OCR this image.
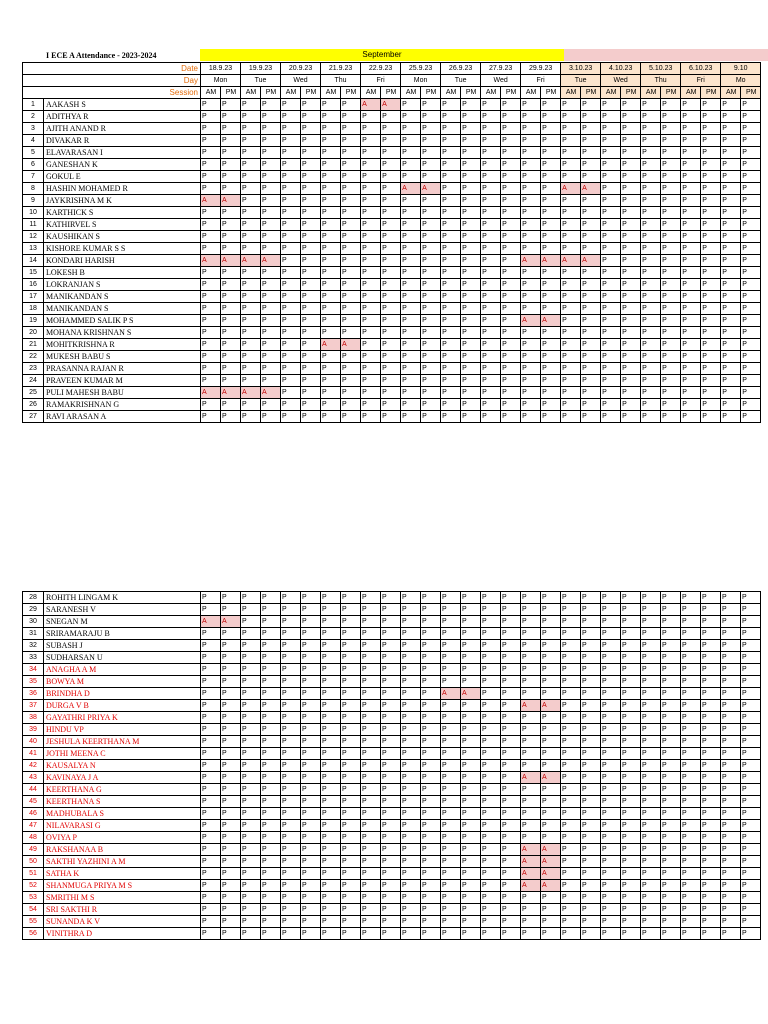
I ECE A Attendance - 2023-2024	September
Date		18.9.23		19.9.23		20.9.23		21.9.23		22.9.23		25.9.23		26.9.23		27.9.23		29.9.23		3.10.23		4.10.23		5.10.23		6.10.23		9.10	
Day		Mon		Tue		Wed		Thu		Fri		Mon		Tue		Wed		Fri		Tue		Wed		Thu		Fri		Mo	
Session		AM	PM	AM	PM	AM	PM	AM	PM	AM	PM	AM	PM	AM	PM	AM	PM	AM	PM	AM	PM	AM	PM	AM	PM	AM	PM	AM	PM
1	AAKASH S	P	P	P	P	P	P	P	P	A	A	P	P	P	P	P	P	P	P	P	P	P	P	P	P	P	P	P	P
2	ADITHYA R	P	P	P	P	P	P	P	P	P	P	P	P	P	P	P	P	P	P	P	P	P	P	P	P	P	P	P	P
3	AJITH ANAND R	P	P	P	P	P	P	P	P	P	P	P	P	P	P	P	P	P	P	P	P	P	P	P	P	P	P	P	P
4	DIVAKAR R	P	P	P	P	P	P	P	P	P	P	P	P	P	P	P	P	P	P	P	P	P	P	P	P	P	P	P	P
5	ELAVARASAN I	P	P	P	P	P	P	P	P	P	P	P	P	P	P	P	P	P	P	P	P	P	P	P	P	P	P	P	P
6	GANESHAN K	P	P	P	P	P	P	P	P	P	P	P	P	P	P	P	P	P	P	P	P	P	P	P	P	P	P	P	P
7	GOKUL E	P	P	P	P	P	P	P	P	P	P	P	P	P	P	P	P	P	P	P	P	P	P	P	P	P	P	P	P
8	HASHIN MOHAMED R	P	P	P	P	P	P	P	P	P	P	A	A	P	P	P	P	P	P	A	A	P	P	P	P	P	P	P	P
9	JAYKRISHNA M K	A	A	P	P	P	P	P	P	P	P	P	P	P	P	P	P	P	P	P	P	P	P	P	P	P	P	P	P
10	KARTHICK S	P	P	P	P	P	P	P	P	P	P	P	P	P	P	P	P	P	P	P	P	P	P	P	P	P	P	P	P
11	KATHIRVEL S	P	P	P	P	P	P	P	P	P	P	P	P	P	P	P	P	P	P	P	P	P	P	P	P	P	P	P	P
12	KAUSHIKAN S	P	P	P	P	P	P	P	P	P	P	P	P	P	P	P	P	P	P	P	P	P	P	P	P	P	P	P	P
13	KISHORE KUMAR S S	P	P	P	P	P	P	P	P	P	P	P	P	P	P	P	P	P	P	P	P	P	P	P	P	P	P	P	P
14	KONDARI HARISH	A	A	A	A	P	P	P	P	P	P	P	P	P	P	P	P	A	A	A	A	P	P	P	P	P	P	P	P
15	LOKESH B	P	P	P	P	P	P	P	P	P	P	P	P	P	P	P	P	P	P	P	P	P	P	P	P	P	P	P	P
16	LOKRANJAN S	P	P	P	P	P	P	P	P	P	P	P	P	P	P	P	P	P	P	P	P	P	P	P	P	P	P	P	P
17	MANIKANDAN S	P	P	P	P	P	P	P	P	P	P	P	P	P	P	P	P	P	P	P	P	P	P	P	P	P	P	P	P
18	MANIKANDAN S	P	P	P	P	P	P	P	P	P	P	P	P	P	P	P	P	P	P	P	P	P	P	P	P	P	P	P	P
19	MOHAMMED SALIK P S	P	P	P	P	P	P	P	P	P	P	P	P	P	P	P	P	A	A	P	P	P	P	P	P	P	P	P	P
20	MOHANA KRISHNAN S	P	P	P	P	P	P	P	P	P	P	P	P	P	P	P	P	P	P	P	P	P	P	P	P	P	P	P	P
21	MOHITKRISHNA R	P	P	P	P	P	P	A	A	P	P	P	P	P	P	P	P	P	P	P	P	P	P	P	P	P	P	P	P
22	MUKESH BABU S	P	P	P	P	P	P	P	P	P	P	P	P	P	P	P	P	P	P	P	P	P	P	P	P	P	P	P	P
23	PRASANNA RAJAN R	P	P	P	P	P	P	P	P	P	P	P	P	P	P	P	P	P	P	P	P	P	P	P	P	P	P	P	P
24	PRAVEEN KUMAR M	P	P	P	P	P	P	P	P	P	P	P	P	P	P	P	P	P	P	P	P	P	P	P	P	P	P	P	P
25	PULI MAHESH BABU	A	A	A	A	P	P	P	P	P	P	P	P	P	P	P	P	P	P	P	P	P	P	P	P	P	P	P	P
26	RAMAKRISHNAN G	P	P	P	P	P	P	P	P	P	P	P	P	P	P	P	P	P	P	P	P	P	P	P	P	P	P	P	P
27	RAVI ARASAN A	P	P	P	P	P	P	P	P	P	P	P	P	P	P	P	P	P	P	P	P	P	P	P	P	P	P	P	P
28	ROHITH LINGAM K	P	P	P	P	P	P	P	P	P	P	P	P	P	P	P	P	P	P	P	P	P	P	P	P	P	P	P	P
29	SARANESH V	P	P	P	P	P	P	P	P	P	P	P	P	P	P	P	P	P	P	P	P	P	P	P	P	P	P	P	P
30	SNEGAN M	A	A	P	P	P	P	P	P	P	P	P	P	P	P	P	P	P	P	P	P	P	P	P	P	P	P	P	P
31	SRIRAMARAJU B	P	P	P	P	P	P	P	P	P	P	P	P	P	P	P	P	P	P	P	P	P	P	P	P	P	P	P	P
32	SUBASH J	P	P	P	P	P	P	P	P	P	P	P	P	P	P	P	P	P	P	P	P	P	P	P	P	P	P	P	P
33	SUDHARSAN U	P	P	P	P	P	P	P	P	P	P	P	P	P	P	P	P	P	P	P	P	P	P	P	P	P	P	P	P
34	ANAGHA A M	P	P	P	P	P	P	P	P	P	P	P	P	P	P	P	P	P	P	P	P	P	P	P	P	P	P	P	P
35	BOWYA M	P	P	P	P	P	P	P	P	P	P	P	P	P	P	P	P	P	P	P	P	P	P	P	P	P	P	P	P
36	BRINDHA D	P	P	P	P	P	P	P	P	P	P	P	P	A	A	P	P	P	P	P	P	P	P	P	P	P	P	P	P
37	DURGA V B	P	P	P	P	P	P	P	P	P	P	P	P	P	P	P	P	A	A	P	P	P	P	P	P	P	P	P	P
38	GAYATHRI PRIYA K	P	P	P	P	P	P	P	P	P	P	P	P	P	P	P	P	P	P	P	P	P	P	P	P	P	P	P	P
39	HINDU VP	P	P	P	P	P	P	P	P	P	P	P	P	P	P	P	P	P	P	P	P	P	P	P	P	P	P	P	P
40	JESHULA KEERTHANA M	P	P	P	P	P	P	P	P	P	P	P	P	P	P	P	P	P	P	P	P	P	P	P	P	P	P	P	P
41	JOTHI MEENA C	P	P	P	P	P	P	P	P	P	P	P	P	P	P	P	P	P	P	P	P	P	P	P	P	P	P	P	P
42	KAUSALYA N	P	P	P	P	P	P	P	P	P	P	P	P	P	P	P	P	P	P	P	P	P	P	P	P	P	P	P	P
43	KAVINAYA J A	P	P	P	P	P	P	P	P	P	P	P	P	P	P	P	P	A	A	P	P	P	P	P	P	P	P	P	P
44	KEERTHANA G	P	P	P	P	P	P	P	P	P	P	P	P	P	P	P	P	P	P	P	P	P	P	P	P	P	P	P	P
45	KEERTHANA S	P	P	P	P	P	P	P	P	P	P	P	P	P	P	P	P	P	P	P	P	P	P	P	P	P	P	P	P
46	MADHUBALA S	P	P	P	P	P	P	P	P	P	P	P	P	P	P	P	P	P	P	P	P	P	P	P	P	P	P	P	P
47	NILAVARASI G	P	P	P	P	P	P	P	P	P	P	P	P	P	P	P	P	P	P	P	P	P	P	P	P	P	P	P	P
48	OVIYA P	P	P	P	P	P	P	P	P	P	P	P	P	P	P	P	P	P	P	P	P	P	P	P	P	P	P	P	P
49	RAKSHANAA B	P	P	P	P	P	P	P	P	P	P	P	P	P	P	P	P	A	A	P	P	P	P	P	P	P	P	P	P
50	SAKTHI YAZHINI A M	P	P	P	P	P	P	P	P	P	P	P	P	P	P	P	P	A	A	P	P	P	P	P	P	P	P	P	P
51	SATHA K	P	P	P	P	P	P	P	P	P	P	P	P	P	P	P	P	A	A	P	P	P	P	P	P	P	P	P	P
52	SHANMUGA PRIYA M S	P	P	P	P	P	P	P	P	P	P	P	P	P	P	P	P	A	A	P	P	P	P	P	P	P	P	P	P
53	SMRITHI M S	P	P	P	P	P	P	P	P	P	P	P	P	P	P	P	P	P	P	P	P	P	P	P	P	P	P	P	P
54	SRI SAKTHI R	P	P	P	P	P	P	P	P	P	P	P	P	P	P	P	P	P	P	P	P	P	P	P	P	P	P	P	P
55	SUNANDA K V	P	P	P	P	P	P	P	P	P	P	P	P	P	P	P	P	P	P	P	P	P	P	P	P	P	P	P	P
56	VINITHRA D	P	P	P	P	P	P	P	P	P	P	P	P	P	P	P	P	P	P	P	P	P	P	P	P	P	P	P	P
